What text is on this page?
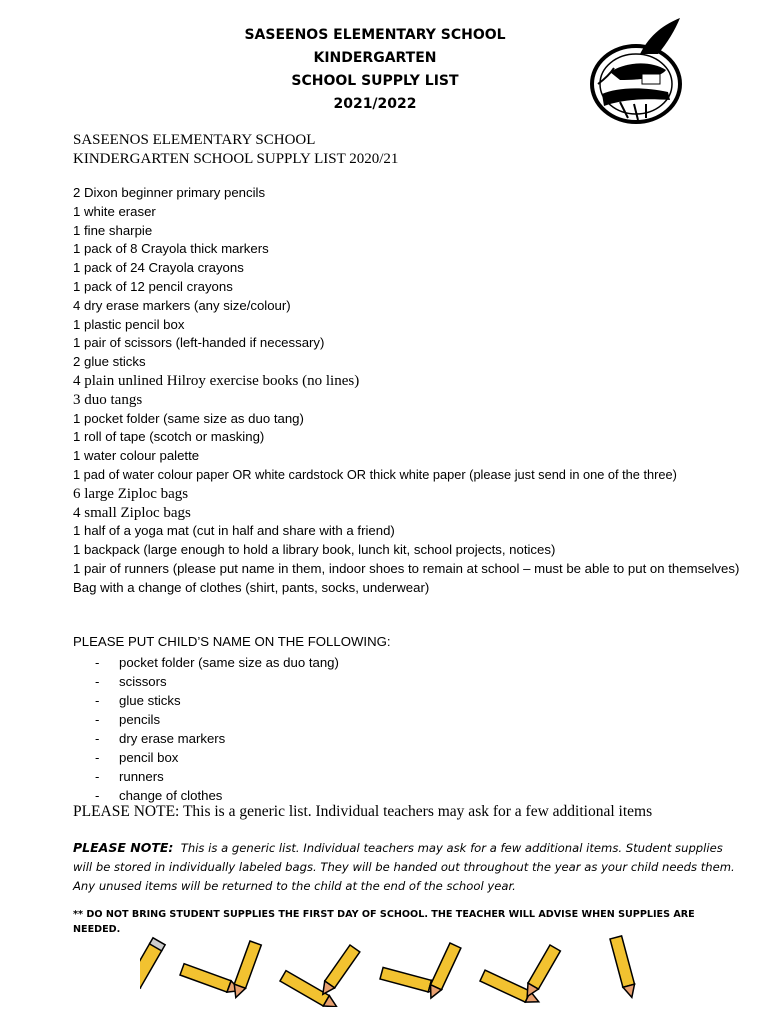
SASEENOS ELEMENTARY SCHOOL
KINDERGARTEN
SCHOOL SUPPLY LIST
2021/2022
SASEENOS ELEMENTARY SCHOOL
KINDERGARTEN SCHOOL SUPPLY LIST 2020/21
2 Dixon beginner primary pencils
1 white eraser
1 fine sharpie
1 pack of 8 Crayola thick markers
1 pack of 24 Crayola crayons
1 pack of 12 pencil crayons
4 dry erase markers (any size/colour)
1 plastic pencil box
1 pair of scissors (left-handed if necessary)
2 glue sticks
4 plain unlined Hilroy exercise books (no lines)
3 duo tangs
1 pocket folder (same size as duo tang)
1 roll of tape (scotch or masking)
1 water colour palette
1 pad of water colour paper OR white cardstock OR thick white paper (please just send in one of the three)
6 large Ziploc bags
4 small Ziploc bags
1 half of a yoga mat (cut in half and share with a friend)
1 backpack (large enough to hold a library book, lunch kit, school projects, notices)
1 pair of runners (please put name in them, indoor shoes to remain at school – must be able to put on themselves)
Bag with a change of clothes (shirt, pants, socks, underwear)
PLEASE PUT CHILD’S NAME ON THE FOLLOWING:
- pocket folder (same size as duo tang)
- scissors
- glue sticks
- pencils
- dry erase markers
- pencil box
- runners
- change of clothes
PLEASE NOTE: This is a generic list. Individual teachers may ask for a few additional items
PLEASE NOTE: This is a generic list. Individual teachers may ask for a few additional items. Student supplies will be stored in individually labeled bags. They will be handed out throughout the year as your child needs them. Any unused items will be returned to the child at the end of the school year.
** DO NOT BRING STUDENT SUPPLIES THE FIRST DAY OF SCHOOL. THE TEACHER WILL ADVISE WHEN SUPPLIES ARE NEEDED.
